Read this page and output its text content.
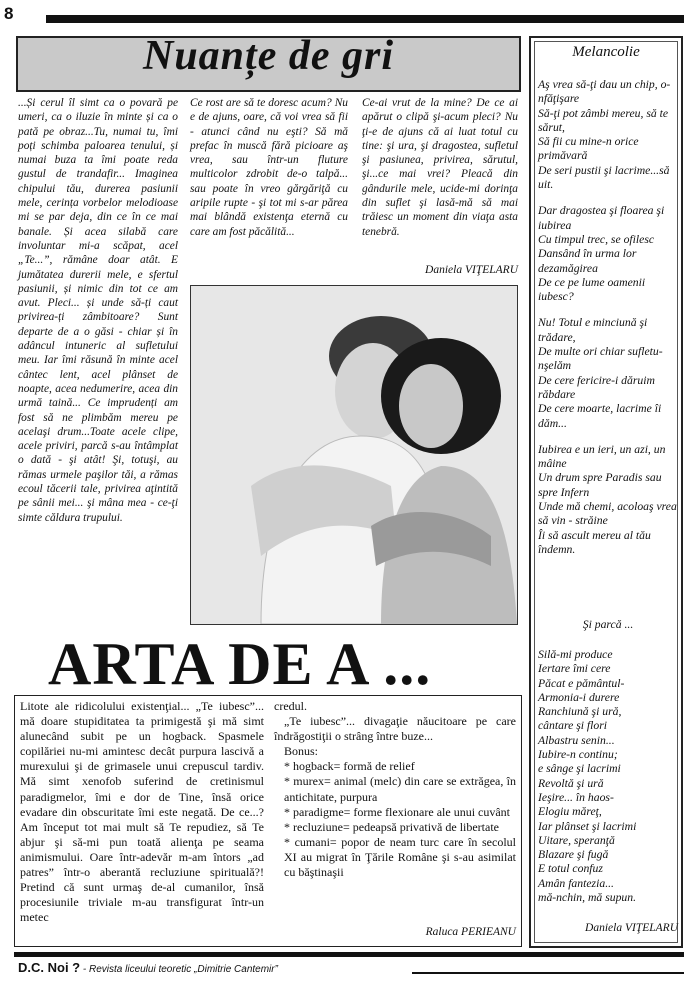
8
Nuanțe de gri

...Și cerul îl simt ca o povară pe umeri, ca o iluzie în minte și ca o pată pe obraz...Tu, numai tu, îmi poți schimba paloarea tenului, și numai buza ta îmi poate reda gustul de trandafir... Imaginea chipului tău, durerea pasiunii mele, cerința vorbelor melodioase mi se par deja, din ce în ce mai banale. Și acea silabă care involuntar mi-a scăpat, acel „Te...”, rămâne doar atât. E jumătatea durerii mele, e sfertul pasiunii, și nimic din tot ce am avut. Pleci... și unde să-ți caut privirea-ți zâmbitoare? Sunt departe de a o găsi - chiar și în adâncul intuneric al sufletului meu. Iar îmi răsună în minte acel cântec lent, acel plânset de noapte, acea nedumerire, acea din urmă taină... Ce imprudenți am fost să ne plimbăm mereu pe acelaşi drum...Toate acele clipe, acele priviri, parcă s-au întâmplat o dată - şi atât! Şi, totuşi, au rămas urmele paşilor tăi, a rămas ecoul tăcerii tale, privirea aţintită pe sânii mei... şi mâna mea - ce-ţi simte căldura trupului.

Ce rost are să te doresc acum? Nu e de ajuns, oare, că voi vrea să fii - atunci când nu eşti? Să mă prefac în muscă fără picioare aş vrea, sau într-un fluture multicolor zdrobit de-o talpă... sau poate în vreo gărgăriţă cu aripile rupte - şi tot mi s-ar părea mai blândă existenţa eternă cu care am fost păcălită...

Ce-ai vrut de la mine? De ce ai apărut o clipă şi-acum pleci? Nu ţi-e de ajuns că ai luat totul cu tine: şi ura, şi dragostea, sufletul şi pasiunea, privirea, sărutul, şi...ce mai vrei? Pleacă din gândurile mele, ucide-mi dorinţa din suflet şi lasă-mă să mai trăiesc un moment din viaţa asta tenebră.

Daniela VIŢELARU
ARTA DE A ...

Litote ale ridicolului existenţial... „Te iubesc”... mă doare stupiditatea ta primigestă şi mă simt alunecând subit pe un hogback. Spasmele copilăriei nu-mi amintesc decât purpura lascivă a murexului şi de grimasele unui crepuscul tardiv. Mă simt xenofob suferind de cretinismul paradigmelor, îmi e dor de Tine, însă orice evadare din obscuritate îmi este negată. De ce...? Am început tot mai mult să Te repudiez, să Te abjur şi să-mi pun toată alienţa pe seama animismului. Oare într-adevăr m-am întors „ad patres” într-o aberantă recluziune spirituală?! Pretind că sunt urmaş de-al cumanilor, însă procesiunile triviale m-au transfigurat într-un metec

credul.

„Te iubesc”... divagaţie năucitoare pe care îndrăgostiţii o strâng între buze...

Bonus:

* hogback= formă de relief

* murex= animal (melc) din care se extrăgea, în antichitate, purpura

* paradigme= forme flexionare ale unui cuvânt

* recluziune= pedeapsă privativă de libertate

* cumani= popor de neam turc care în secolul XI au migrat în Ţările Române şi s-au asimilat cu băştinaşii

Raluca PERIEANU
Melancolie

Aş vrea să-ţi dau un chip, o-nfăţişare

Să-ţi pot zâmbi mereu, să te sărut,

Să fii cu mine-n orice primăvară

De seri pustii şi lacrime...să uit.

Dar dragostea şi floarea şi iubirea

Cu timpul trec, se ofilesc

Dansând în urma lor dezamăgirea

De ce pe lume oamenii iubesc?

Nu! Totul e minciună şi trădare,

De multe ori chiar sufletu-nşelăm

De cere fericire-i dăruim răbdare

De cere moarte, lacrime îi dăm...

Iubirea e un ieri, un azi, un mâine

Un drum spre Paradis sau spre Infern

Unde mă chemi, acoloaş vrea să vin - străine

Îi să ascult mereu al tău îndemn.

Şi parcă ...

Silă-mi produce

Iertare îmi cere

Păcat e pământul-

Armonia-i durere

Ranchiună şi ură,

cântare şi flori

Albastru senin...

Iubire-n continu;

e sânge şi lacrimi

Revoltă şi ură

Ieşire... în haos-

Elogiu măreţ,

Iar plânset şi lacrimi

Uitare, speranţă

Blazare şi fugă

E totul confuz

Amân fantezia...

mă-nchin, mă supun.

Daniela VIŢELARU
D.C. Noi ? - Revista liceului teoretic „Dimitrie Cantemir”
